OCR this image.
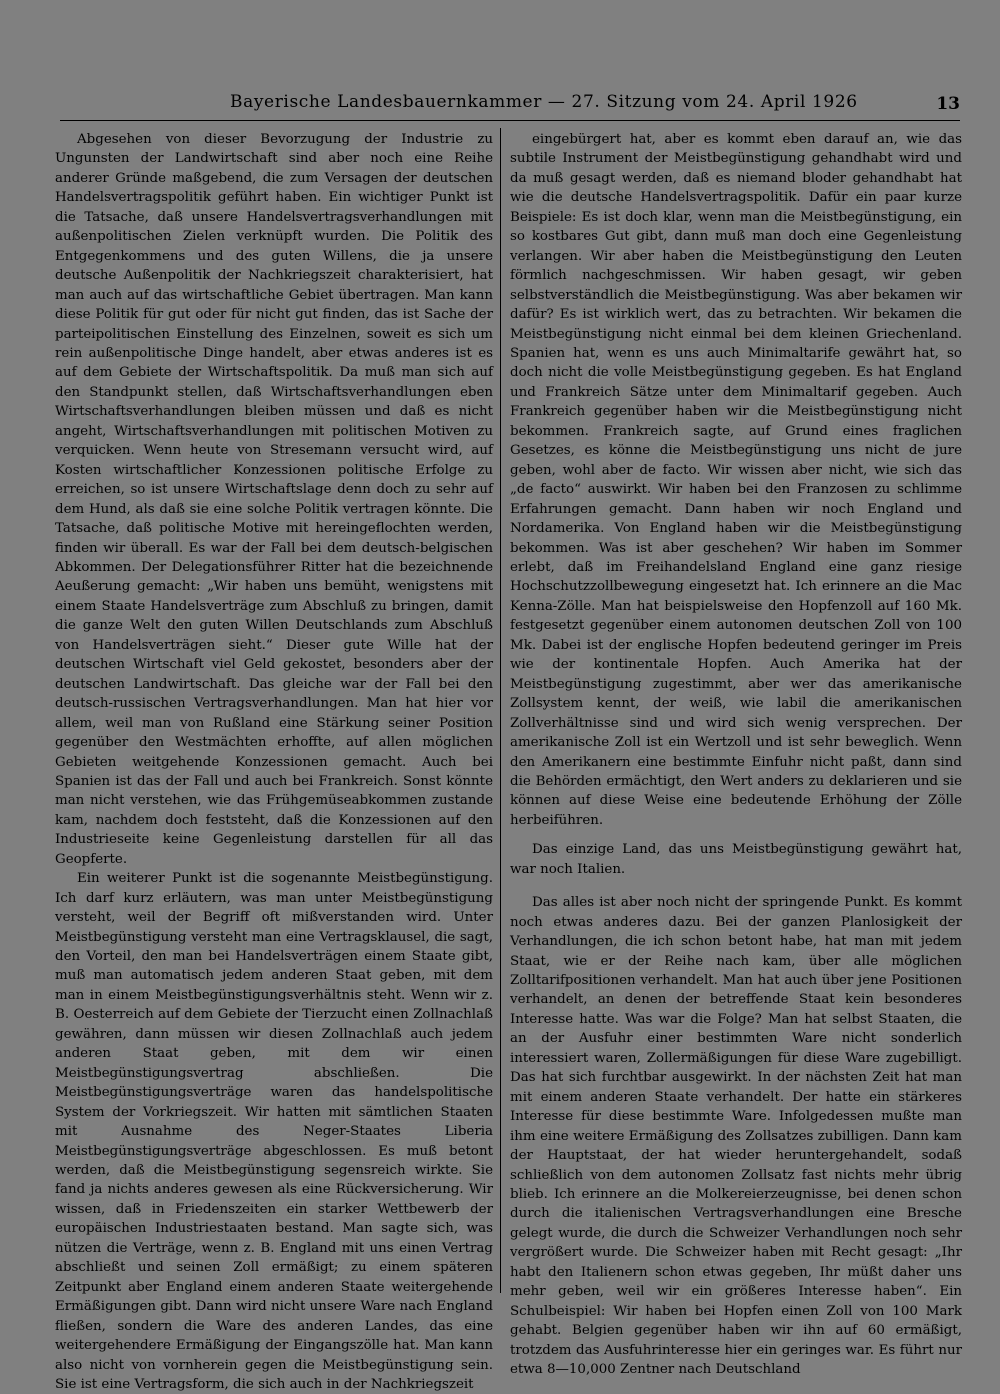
Bayerische Landesbauernkammer — 27. Sitzung vom 24. April 1926	13

Abgesehen von dieser Bevorzugung der Industrie zu Ungunsten der Landwirtschaft sind aber noch eine Reihe anderer Gründe maßgebend, die zum Versagen der deutschen Handelsvertragspolitik geführt haben. Ein wichtiger Punkt ist die Tatsache, daß unsere Handelsvertragsverhandlungen mit außenpolitischen Zielen verknüpft wurden. Die Politik des Entgegenkommens und des guten Willens, die ja unsere deutsche Außenpolitik der Nachkriegszeit charakterisiert, hat man auch auf das wirtschaftliche Gebiet übertragen. Man kann diese Politik für gut oder für nicht gut finden, das ist Sache der parteipolitischen Einstellung des Einzelnen, soweit es sich um rein außenpolitische Dinge handelt, aber etwas anderes ist es auf dem Gebiete der Wirtschaftspolitik. Da muß man sich auf den Standpunkt stellen, daß Wirtschaftsverhandlungen eben Wirtschaftsverhandlungen bleiben müssen und daß es nicht angeht, Wirtschaftsverhandlungen mit politischen Motiven zu verquicken. Wenn heute von Stresemann versucht wird, auf Kosten wirtschaftlicher Konzessionen politische Erfolge zu erreichen, so ist unsere Wirtschaftslage denn doch zu sehr auf dem Hund, als daß sie eine solche Politik vertragen könnte. Die Tatsache, daß politische Motive mit hereingeflochten werden, finden wir überall. Es war der Fall bei dem deutsch-belgischen Abkommen. Der Delegationsführer Ritter hat die bezeichnende Aeußerung gemacht: „Wir haben uns bemüht, wenigstens mit einem Staate Handelsverträge zum Abschluß zu bringen, damit die ganze Welt den guten Willen Deutschlands zum Abschluß von Handelsverträgen sieht.“ Dieser gute Wille hat der deutschen Wirtschaft viel Geld gekostet, besonders aber der deutschen Landwirtschaft. Das gleiche war der Fall bei den deutsch-russischen Vertragsverhandlungen. Man hat hier vor allem, weil man von Rußland eine Stärkung seiner Position gegenüber den Westmächten erhoffte, auf allen möglichen Gebieten weitgehende Konzessionen gemacht. Auch bei Spanien ist das der Fall und auch bei Frankreich. Sonst könnte man nicht verstehen, wie das Frühgemüseabkommen zustande kam, nachdem doch feststeht, daß die Konzessionen auf den Industrieseite keine Gegenleistung darstellen für all das Geopferte.

Ein weiterer Punkt ist die sogenannte Meistbegünstigung. Ich darf kurz erläutern, was man unter Meistbegünstigung versteht, weil der Begriff oft mißverstanden wird. Unter Meistbegünstigung versteht man eine Vertragsklausel, die sagt, den Vorteil, den man bei Handelsverträgen einem Staate gibt, muß man automatisch jedem anderen Staat geben, mit dem man in einem Meistbegünstigungsverhältnis steht. Wenn wir z. B. Oesterreich auf dem Gebiete der Tierzucht einen Zollnachlaß gewähren, dann müssen wir diesen Zollnachlaß auch jedem anderen Staat geben, mit dem wir einen Meistbegünstigungsvertrag abschließen. Die Meistbegünstigungsverträge waren das handelspolitische System der Vorkriegszeit. Wir hatten mit sämtlichen Staaten mit Ausnahme des Neger-Staates Liberia Meistbegünstigungsverträge abgeschlossen. Es muß betont werden, daß die Meistbegünstigung segensreich wirkte. Sie fand ja nichts anderes gewesen als eine Rückversicherung. Wir wissen, daß in Friedenszeiten ein starker Wettbewerb der europäischen Industriestaaten bestand. Man sagte sich, was nützen die Verträge, wenn z. B. England mit uns einen Vertrag abschließt und seinen Zoll ermäßigt; zu einem späteren Zeitpunkt aber England einem anderen Staate weitergehende Ermäßigungen gibt. Dann wird nicht unsere Ware nach England fließen, sondern die Ware des anderen Landes, das eine weitergehendere Ermäßigung der Eingangszölle hat. Man kann also nicht von vornherein gegen die Meistbegünstigung sein. Sie ist eine Vertragsform, die sich auch in der Nachkriegszeit

eingebürgert hat, aber es kommt eben darauf an, wie das subtile Instrument der Meistbegünstigung gehandhabt wird und da muß gesagt werden, daß es niemand bloder gehandhabt hat wie die deutsche Handelsvertragspolitik. Dafür ein paar kurze Beispiele: Es ist doch klar, wenn man die Meistbegünstigung, ein so kostbares Gut gibt, dann muß man doch eine Gegenleistung verlangen. Wir aber haben die Meistbegünstigung den Leuten förmlich nachgeschmissen. Wir haben gesagt, wir geben selbstverständlich die Meistbegünstigung. Was aber bekamen wir dafür? Es ist wirklich wert, das zu betrachten. Wir bekamen die Meistbegünstigung nicht einmal bei dem kleinen Griechenland. Spanien hat, wenn es uns auch Minimaltarife gewährt hat, so doch nicht die volle Meistbegünstigung gegeben. Es hat England und Frankreich Sätze unter dem Minimaltarif gegeben. Auch Frankreich gegenüber haben wir die Meistbegünstigung nicht bekommen. Frankreich sagte, auf Grund eines fraglichen Gesetzes, es könne die Meistbegünstigung uns nicht de jure geben, wohl aber de facto. Wir wissen aber nicht, wie sich das „de facto“ auswirkt. Wir haben bei den Franzosen zu schlimme Erfahrungen gemacht. Dann haben wir noch England und Nordamerika. Von England haben wir die Meistbegünstigung bekommen. Was ist aber geschehen? Wir haben im Sommer erlebt, daß im Freihandelsland England eine ganz riesige Hochschutzzollbewegung eingesetzt hat. Ich erinnere an die Mac Kenna-Zölle. Man hat beispielsweise den Hopfenzoll auf 160 Mk. festgesetzt gegenüber einem autonomen deutschen Zoll von 100 Mk. Dabei ist der englische Hopfen bedeutend geringer im Preis wie der kontinentale Hopfen. Auch Amerika hat der Meistbegünstigung zugestimmt, aber wer das amerikanische Zollsystem kennt, der weiß, wie labil die amerikanischen Zollverhältnisse sind und wird sich wenig versprechen. Der amerikanische Zoll ist ein Wertzoll und ist sehr beweglich. Wenn den Amerikanern eine bestimmte Einfuhr nicht paßt, dann sind die Behörden ermächtigt, den Wert anders zu deklarieren und sie können auf diese Weise eine bedeutende Erhöhung der Zölle herbeiführen.

Das einzige Land, das uns Meistbegünstigung gewährt hat, war noch Italien.

Das alles ist aber noch nicht der springende Punkt. Es kommt noch etwas anderes dazu. Bei der ganzen Planlosigkeit der Verhandlungen, die ich schon betont habe, hat man mit jedem Staat, wie er der Reihe nach kam, über alle möglichen Zolltarifpositionen verhandelt. Man hat auch über jene Positionen verhandelt, an denen der betreffende Staat kein besonderes Interesse hatte. Was war die Folge? Man hat selbst Staaten, die an der Ausfuhr einer bestimmten Ware nicht sonderlich interessiert waren, Zollermäßigungen für diese Ware zugebilligt. Das hat sich furchtbar ausgewirkt. In der nächsten Zeit hat man mit einem anderen Staate verhandelt. Der hatte ein stärkeres Interesse für diese bestimmte Ware. Infolgedessen mußte man ihm eine weitere Ermäßigung des Zollsatzes zubilligen. Dann kam der Hauptstaat, der hat wieder heruntergehandelt, sodaß schließlich von dem autonomen Zollsatz fast nichts mehr übrig blieb. Ich erinnere an die Molkereierzeugnisse, bei denen schon durch die italienischen Vertragsverhandlungen eine Bresche gelegt wurde, die durch die Schweizer Verhandlungen noch sehr vergrößert wurde. Die Schweizer haben mit Recht gesagt: „Ihr habt den Italienern schon etwas gegeben, Ihr müßt daher uns mehr geben, weil wir ein größeres Interesse haben“. Ein Schulbeispiel: Wir haben bei Hopfen einen Zoll von 100 Mark gehabt. Belgien gegenüber haben wir ihn auf 60 ermäßigt, trotzdem das Ausfuhrinteresse hier ein geringes war. Es führt nur etwa 8—10,000 Zentner nach Deutschland
